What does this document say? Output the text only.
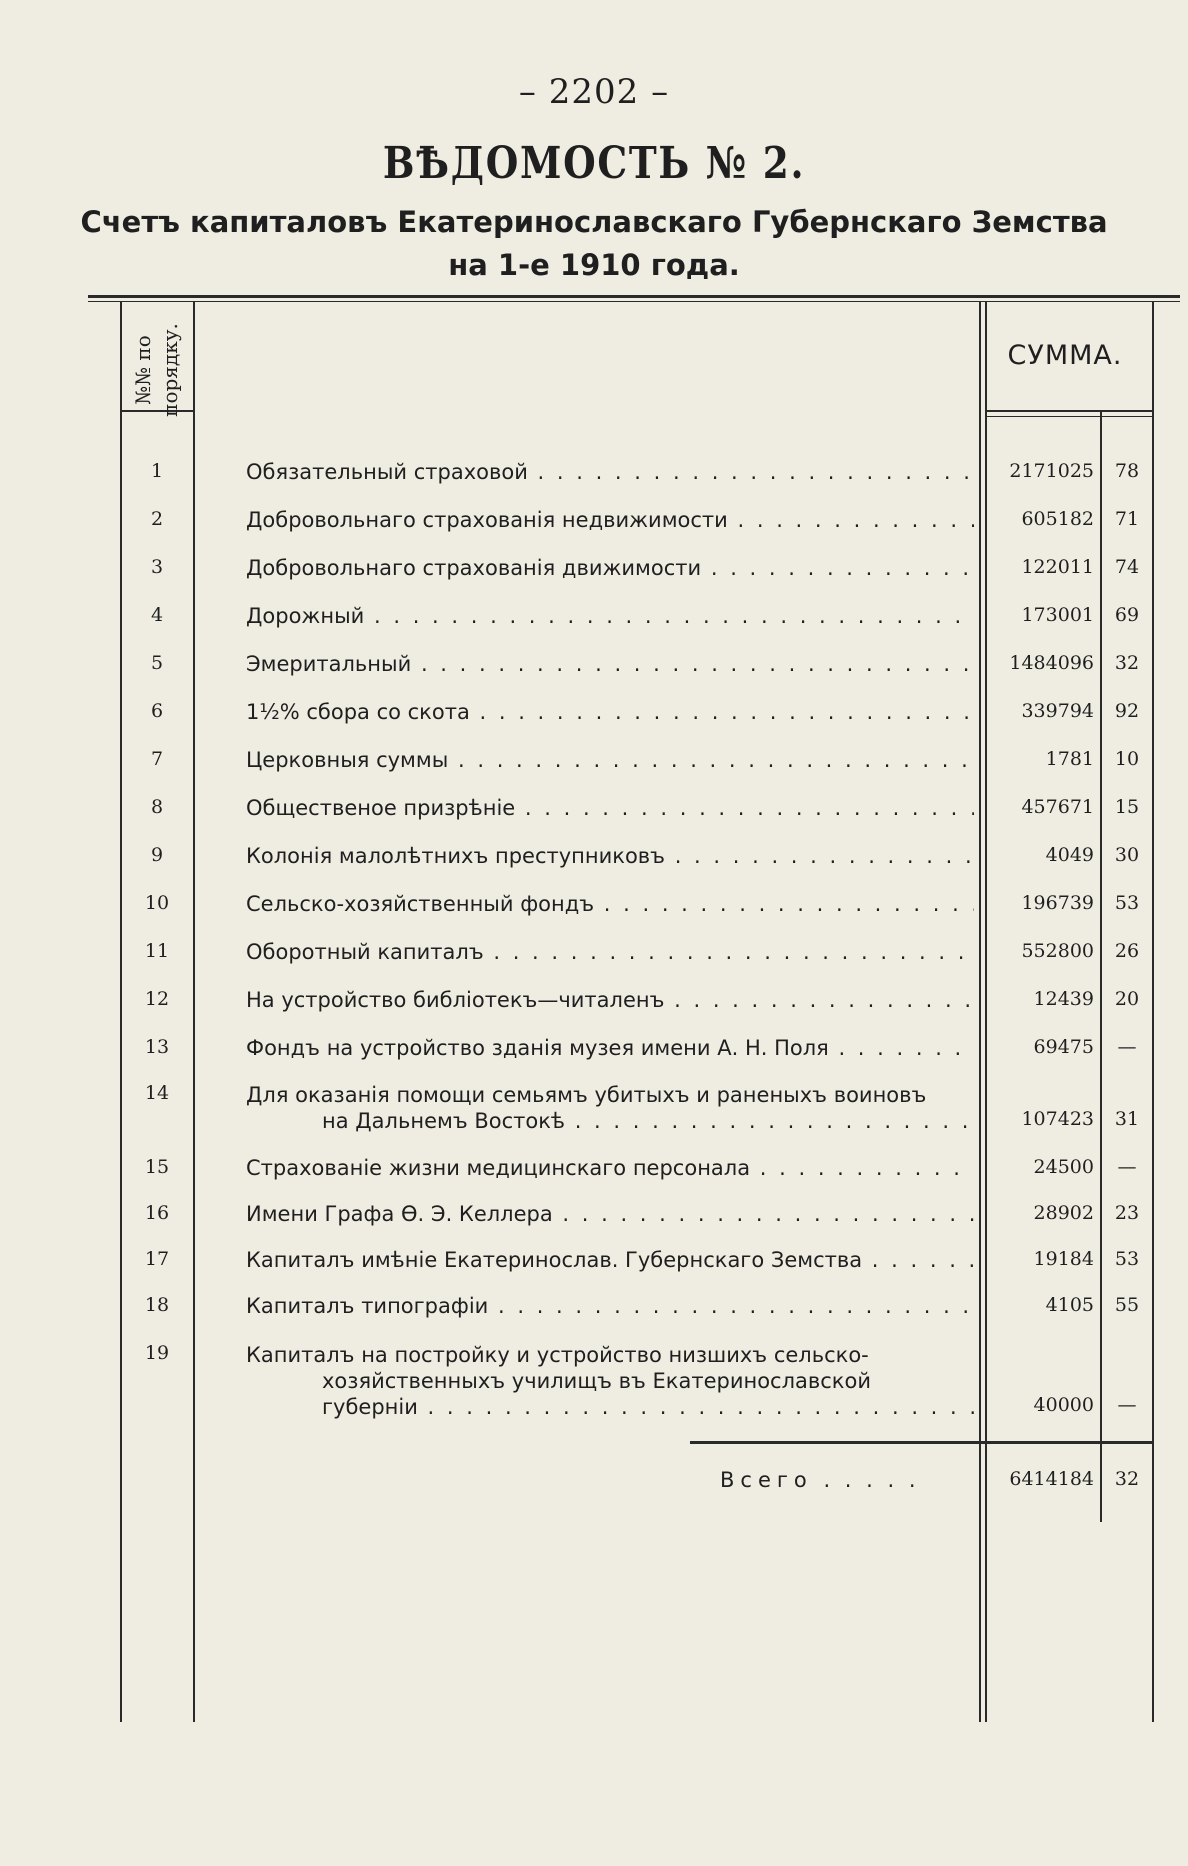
– 2202 –
ВѢДОМОСТЬ № 2.
Счетъ капиталовъ Екатеринославскаго Губернскаго Земства
на 1-е 1910 года.
№№ по порядку.	СУММА.
1	Обязательный страховой . . .	2171025	78
2	Добровольнаго страхованія недвижимости . . .	605182	71
3	Добровольнаго страхованія движимости . . .	122011	74
4	Дорожный . . .	173001	69
5	Эмеритальный . . .	1484096	32
6	1½% сбора со скота . . .	339794	92
7	Церковныя суммы . . .	1781	10
8	Общественое призрѣніе . . .	457671	15
9	Колонія малолѣтнихъ преступниковъ . . .	4049	30
10	Сельско-хозяйственный фондъ . . .	196739	53
11	Оборотный капиталъ . . .	552800	26
12	На устройство библіотекъ—читаленъ . . .	12439	20
13	Фондъ на устройство зданія музея имени А. Н. Поля . . .	69475	—
14	Для оказанія помощи семьямъ убитыхъ и раненыхъ воиновъ
на Дальнемъ Востокѣ . . .	107423	31
15	Страхованіе жизни медицинскаго персонала . . .	24500	—
16	Имени Графа Ѳ. Э. Келлера . . .	28902	23
17	Капиталъ имѣніе Екатеринослав. Губернскаго Земства . . .	19184	53
18	Капиталъ типографіи . . .	4105	55
19	Капиталъ на постройку и устройство низшихъ сельско-
хозяйственныхъ училищъ въ Екатеринославской

губерніи . . .	40000	—
Всего . . . . .	6414184	32
